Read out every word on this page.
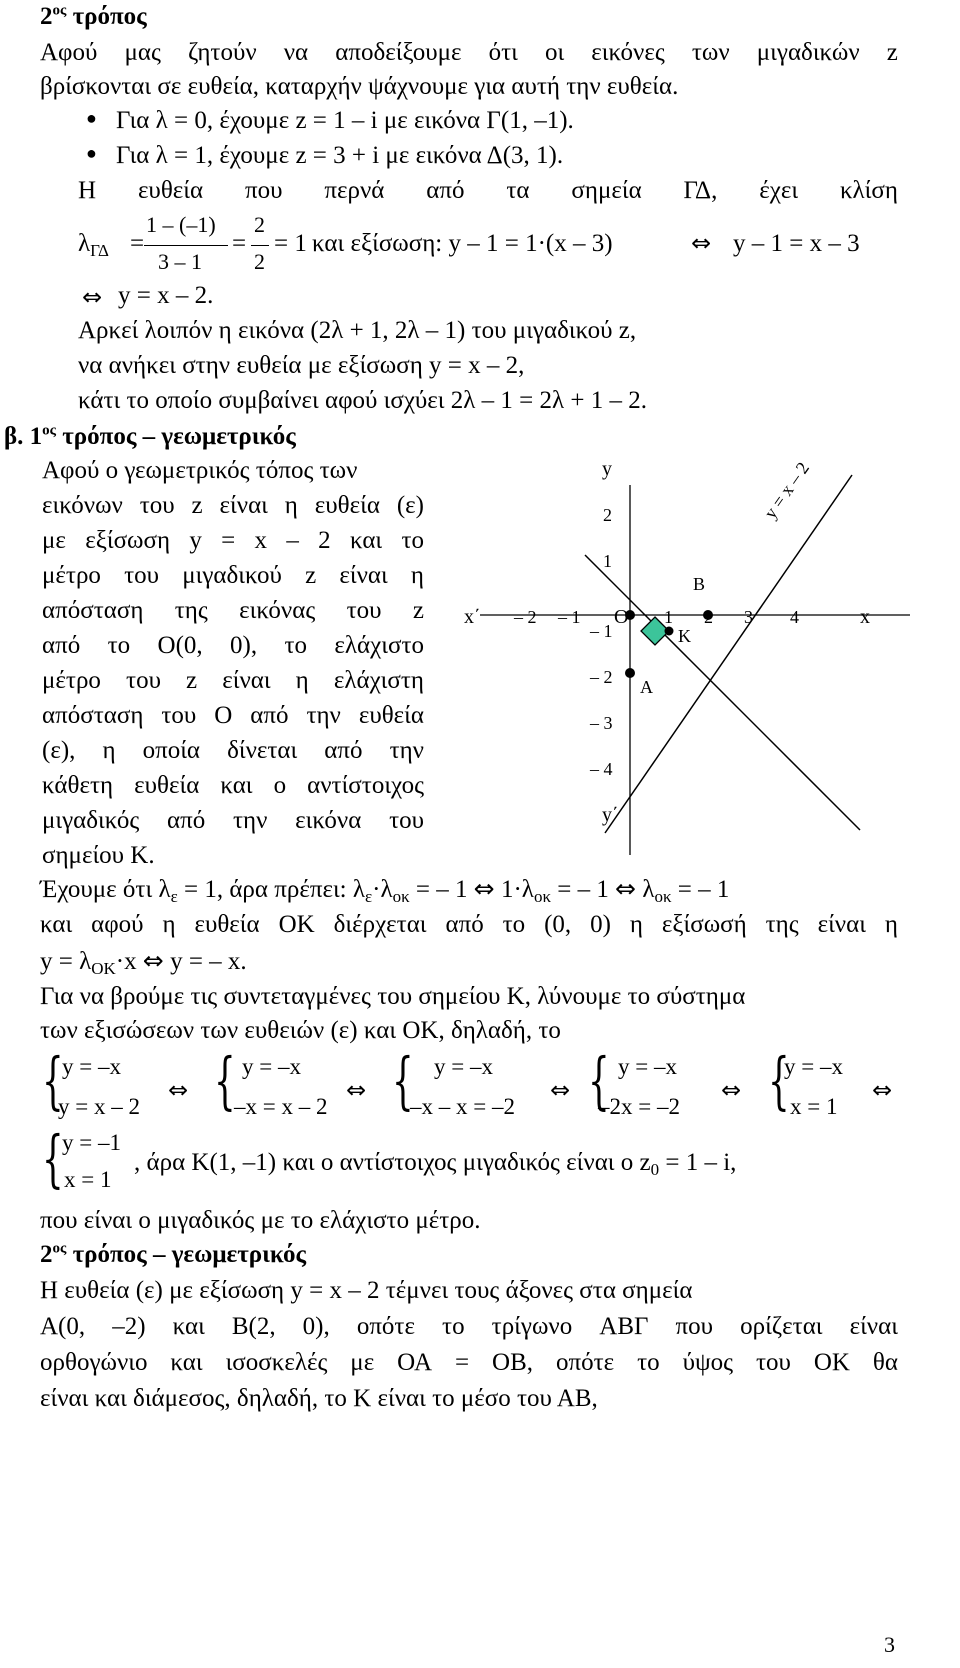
$2^{o\varsigma}$ τρόπος
Αφού μας ζητούν να αποδείξουμε ότι οι εικόνες των μιγαδικών z
βρίσκονται σε ευθεία, καταρχήν ψάχνουμε για αυτή την ευθεία.
● Για λ = 0, έχουμε z = 1 – i με εικόνα Γ(1, –1).
● Για λ = 1, έχουμε z = 3 + i με εικόνα Δ(3, 1).
Η ευθεία που περνά από τα σημεία ΓΔ, έχει κλίση
$\lambda_{\Gamma\Delta}$ =
1 – (–1)
3 – 1
=
2
2
= 1 και εξίσωση: y – 1 = 1·(x – 3)	⇔ y – 1 = x – 3
⇔ y = x – 2.
Αρκεί λοιπόν η εικόνα (2λ + 1, 2λ – 1) του μιγαδικού z,
να ανήκει στην ευθεία με εξίσωση y = x – 2,
κάτι το οποίο συμβαίνει αφού ισχύει 2λ – 1 = 2λ + 1 – 2.
β. $1^{o\varsigma}$ τρόπος – γεωμετρικός
Αφού ο γεωμετρικός τόπος των
εικόνων του z είναι η ευθεία (ε)
με εξίσωση y = x – 2 και το
μέτρο του μιγαδικού z είναι η
απόσταση της εικόνας του z
από το O(0, 0), το ελάχιστο
μέτρο του z είναι η ελάχιστη
απόσταση του O από την ευθεία
(ε), η οποία δίνεται από την
κάθετη ευθεία και ο αντίστοιχος
μιγαδικός από την εικόνα του
σημείου K.
y
y΄
x
x΄	O
– 2 – 1	1 2 3 4
2
1
– 1
– 2
– 3
– 4
B
K
A
y = x – 2
Έχουμε ότι $\lambda_\varepsilon = 1$, άρα πρέπει: $\lambda_\varepsilon\cdot\lambda_{o\kappa}$ = – 1 ⇔ $1\cdot\lambda_{o\kappa}$ = – 1 ⇔ $\lambda_{o\kappa}$ = – 1
και αφού η ευθεία OK διέρχεται από το (0, 0) η εξίσωσή της είναι η
$y = \lambda_{OK}\cdot x$ ⇔ y = – x.
Για να βρούμε τις συντεταγμένες του σημείου K, λύνουμε το σύστημα
των εξισώσεων των ευθειών (ε) και OK, δηλαδή, το
{
y = –x
y = x – 2
⇔ { y = –x
–x = x – 2
⇔ { y = –x
–x – x = –2
⇔ { y = –x
–2x = –2
⇔ {
y = –x
x = 1
⇔
{
y = –1
x = 1
, άρα K(1, –1) και ο αντίστοιχος μιγαδικός είναι ο $z_0 = 1 - i$,
που είναι ο μιγαδικός με το ελάχιστο μέτρο.
$2^{o\varsigma}$ τρόπος – γεωμετρικός
Η ευθεία (ε) με εξίσωση y = x – 2 τέμνει τους άξονες στα σημεία
Α(0, –2) και Β(2, 0), οπότε το τρίγωνο ΑΒΓ που ορίζεται είναι
ορθογώνιο και ισοσκελές με ΟΑ = ΟΒ, οπότε το ύψος του ΟΚ θα
είναι και διάμεσος, δηλαδή, το Κ είναι το μέσο του ΑΒ,
3
